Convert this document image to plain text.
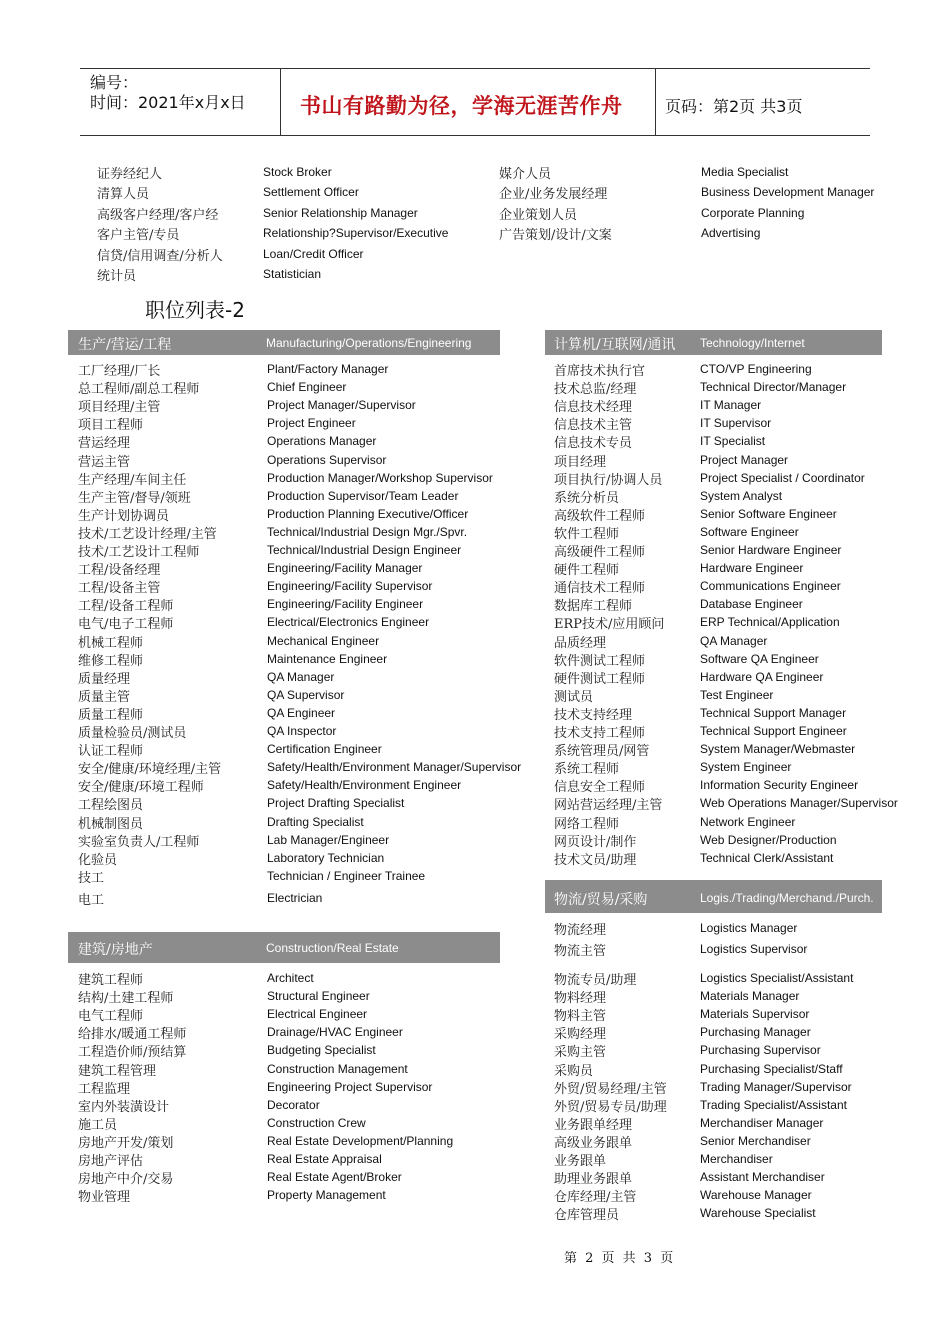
编号：
时间：2021年x月x日	书山有路勤为径，学海无涯苦作舟	页码：第2页 共3页
证券经纪人	Stock Broker
清算人员	Settlement Officer
高级客户经理/客户经	Senior Relationship Manager
客户主管/专员	Relationship?Supervisor/Executive
信贷/信用调查/分析人	Loan/Credit Officer
统计员	Statistician
媒介人员	Media Specialist
企业/业务发展经理	Business Development Manager
企业策划人员	Corporate Planning
广告策划/设计/文案	Advertising
职位列表-2
生产/营运/工程	Manufacturing/Operations/Engineering	计算机/互联网/通讯 Technology/Internet
物流/贸易/采购	Logis./Trading/Merchand./Purch.
建筑/房地产	Construction/Real Estate
工厂经理/厂长	Plant/Factory Manager
总工程师/副总工程师	Chief Engineer
项目经理/主管	Project Manager/Supervisor
项目工程师	Project Engineer
营运经理	Operations Manager
营运主管	Operations Supervisor
生产经理/车间主任	Production Manager/Workshop Supervisor
生产主管/督导/领班	Production Supervisor/Team Leader
生产计划协调员	Production Planning Executive/Officer
技术/工艺设计经理/主管	Technical/Industrial Design Mgr./Spvr.
技术/工艺设计工程师	Technical/Industrial Design Engineer
工程/设备经理	Engineering/Facility Manager
工程/设备主管	Engineering/Facility Supervisor
工程/设备工程师	Engineering/Facility Engineer
电气/电子工程师	Electrical/Electronics Engineer
机械工程师	Mechanical Engineer
维修工程师	Maintenance Engineer
质量经理	QA Manager
质量主管	QA Supervisor
质量工程师	QA Engineer
质量检验员/测试员	QA Inspector
认证工程师	Certification Engineer
安全/健康/环境经理/主管	Safety/Health/Environment Manager/Supervisor
安全/健康/环境工程师	Safety/Health/Environment Engineer
工程绘图员	Project Drafting Specialist
机械制图员	Drafting Specialist
实验室负责人/工程师	Lab Manager/Engineer
化验员	Laboratory Technician
技工	Technician / Engineer Trainee
电工	Electrician
首席技术执行官	CTO/VP Engineering
技术总监/经理	Technical Director/Manager
信息技术经理	IT Manager
信息技术主管	IT Supervisor
信息技术专员	IT Specialist
项目经理	Project Manager
项目执行/协调人员	Project Specialist / Coordinator
系统分析员	System Analyst
高级软件工程师	Senior Software Engineer
软件工程师	Software Engineer
高级硬件工程师	Senior Hardware Engineer
硬件工程师	Hardware Engineer
通信技术工程师	Communications Engineer
数据库工程师	Database Engineer
ERP技术/应用顾问	ERP Technical/Application
品质经理	QA Manager
软件测试工程师	Software QA Engineer
硬件测试工程师	Hardware QA Engineer
测试员	Test Engineer
技术支持经理	Technical Support Manager
技术支持工程师	Technical Support Engineer
系统管理员/网管	System Manager/Webmaster
系统工程师	System Engineer
信息安全工程师	Information Security Engineer
网站营运经理/主管	Web Operations Manager/Supervisor
网络工程师	Network Engineer
网页设计/制作	Web Designer/Production
技术文员/助理	Technical Clerk/Assistant
建筑工程师	Architect
结构/土建工程师	Structural Engineer
电气工程师	Electrical Engineer
给排水/暖通工程师	Drainage/HVAC Engineer
工程造价师/预结算	Budgeting Specialist
建筑工程管理	Construction Management
工程监理	Engineering Project Supervisor
室内外装潢设计	Decorator
施工员	Construction Crew
房地产开发/策划	Real Estate Development/Planning
房地产评估	Real Estate Appraisal
房地产中介/交易	Real Estate Agent/Broker
物业管理	Property Management
物流经理	Logistics Manager
物流主管	Logistics Supervisor
物流专员/助理	Logistics Specialist/Assistant
物料经理	Materials Manager
物料主管	Materials Supervisor
采购经理	Purchasing Manager
采购主管	Purchasing Supervisor
采购员	Purchasing Specialist/Staff
外贸/贸易经理/主管	Trading Manager/Supervisor
外贸/贸易专员/助理	Trading Specialist/Assistant
业务跟单经理	Merchandiser Manager
高级业务跟单	Senior Merchandiser
业务跟单	Merchandiser
助理业务跟单	Assistant Merchandiser
仓库经理/主管	Warehouse Manager
仓库管理员	Warehouse Specialist
第 2 页 共 3 页
